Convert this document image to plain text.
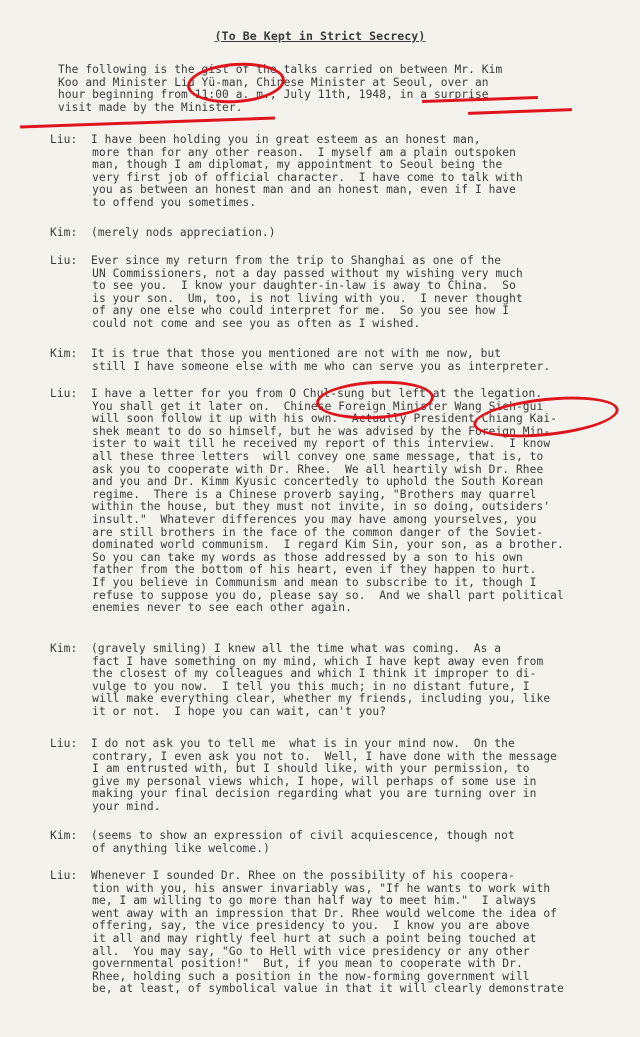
(To Be Kept in Strict Secrecy)
The following is the gist of the talks carried on between Mr. Kim
Koo and Minister Liu Yü-man, Chinese Minister at Seoul, over an
hour beginning from 11:00 a. m., July 11th, 1948, in a surprise
visit made by the Minister.
Liu:  I have been holding you in great esteem as an honest man,
more than for any other reason.  I myself am a plain outspoken
man, though I am diplomat, my appointment to Seoul being the
very first job of official character.  I have come to talk with
you as between an honest man and an honest man, even if I have
to offend you sometimes.
Kim:  (merely nods appreciation.)
Liu:  Ever since my return from the trip to Shanghai as one of the
UN Commissioners, not a day passed without my wishing very much
to see you.  I know your daughter-in-law is away to China.  So
is your son.  Um, too, is not living with you.  I never thought
of any one else who could interpret for me.  So you see how I
could not come and see you as often as I wished.
Kim:  It is true that those you mentioned are not with me now, but
still I have someone else with me who can serve you as interpreter.
Liu:  I have a letter for you from O Chul-sung but left at the legation.
You shall get it later on.  Chinese Foreign Minister Wang Sieh-gui
will soon follow it up with his own.  Actually President Chiang Kai-
shek meant to do so himself, but he was advised by the Foreign Min-
ister to wait till he received my report of this interview.  I know
all these three letters  will convey one same message, that is, to
ask you to cooperate with Dr. Rhee.  We all heartily wish Dr. Rhee
and you and Dr. Kimm Kyusic concertedly to uphold the South Korean
regime.  There is a Chinese proverb saying, "Brothers may quarrel
within the house, but they must not invite, in so doing, outsiders'
insult."  Whatever differences you may have among yourselves, you
are still brothers in the face of the common danger of the Soviet-
dominated world communism.  I regard Kim Sin, your son, as a brother.
So you can take my words as those addressed by a son to his own
father from the bottom of his heart, even if they happen to hurt.
If you believe in Communism and mean to subscribe to it, though I
refuse to suppose you do, please say so.  And we shall part political
enemies never to see each other again.
Kim:  (gravely smiling) I knew all the time what was coming.  As a
fact I have something on my mind, which I have kept away even from
the closest of my colleagues and which I think it improper to di-
vulge to you now.  I tell you this much; in no distant future, I
will make everything clear, whether my friends, including you, like
it or not.  I hope you can wait, can't you?
Liu:  I do not ask you to tell me  what is in your mind now.  On the
contrary, I even ask you not to.  Well, I have done with the message
I am entrusted with, but I should like, with your permission, to
give my personal views which, I hope, will perhaps of some use in
making your final decision regarding what you are turning over in
your mind.
Kim:  (seems to show an expression of civil acquiescence, though not
of anything like welcome.)
Liu:  Whenever I sounded Dr. Rhee on the possibility of his coopera-
tion with you, his answer invariably was, "If he wants to work with
me, I am willing to go more than half way to meet him."  I always
went away with an impression that Dr. Rhee would welcome the idea of
offering, say, the vice presidency to you.  I know you are above
it all and may rightly feel hurt at such a point being touched at
all.  You may say, "Go to Hell with vice presidency or any other
governmental position!"  But, if you mean to cooperate with Dr.
Rhee, holding such a position in the now-forming government will
be, at least, of symbolical value in that it will clearly demonstrate
